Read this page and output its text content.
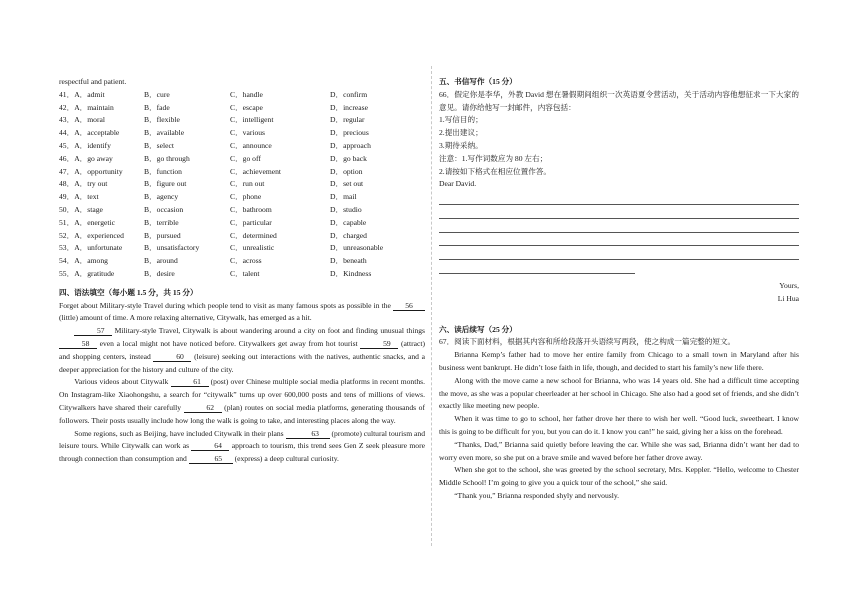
respectful and patient.
41．A．admit	B．cure	C．handle	D．confirm
42．A．maintain	B．fade	C．escape	D．increase
43．A．moral	B．flexible	C．intelligent	D．regular
44．A．acceptable	B．available	C．various	D．precious
45．A．identify	B．select	C．announce	D．approach
46．A．go away	B．go through	C．go off	D．go back
47．A．opportunity	B．function	C．achievement	D．option
48．A．try out	B．figure out	C．run out	D．set out
49．A．text	B．agency	C．phone	D．mail
50．A．stage	B．occasion	C．bathroom	D．studio
51．A．energetic	B．terrible	C．particular	D．capable
52．A．experienced	B．pursued	C．determined	D．charged
53．A．unfortunate	B．unsatisfactory	C．unrealistic	D．unreasonable
54．A．among	B．around	C．across	D．beneath
55．A．gratitude	B．desire	C．talent	D．Kindness
四、语法填空（每小题 1.5 分，共 15 分）
Forget about Military-style Travel during which people tend to visit as many famous spots as possible in the 56 (little) amount of time. A more relaxing alternative, Citywalk, has emerged as a hit.
57 Military-style Travel, Citywalk is about wandering around a city on foot and finding unusual things 58 even a local might not have noticed before. Citywalkers get away from hot tourist	59 (attract) and shopping centers, instead	60 (leisure) seeking out interactions with the natives, authentic snacks, and a deeper appreciation for the history and culture of the city.
Various videos about Citywalk	61 (post) over Chinese multiple social media platforms in recent months. On Instagram-like Xiaohongshu, a search for “citywalk” turns up over 600,000 posts and tens of millions of views. Citywalkers have shared their carefully	62 (plan) routes on social media platforms, generating thousands of followers. Their posts usually include how long the walk is going to take, and interesting places along the way.
Some regions, such as Beijing, have included Citywalk in their plans	63 (promote) cultural tourism and leisure tours. While Citywalk can work as	64 approach to tourism, this trend sees Gen Z seek pleasure more through connection than consumption and	65 (express) a deep cultural curiosity.
五、书信写作（15 分）
66．假定你是李华，外教 David 想在暑假期间组织一次英语夏令营活动，关于活动内容他想征求一下大家的意见。请你给他写一封邮件，内容包括：
1.写信目的；
2.提出建议；
3.期待采纳。
注意：1.写作词数应为 80 左右；
2.请按如下格式在相应位置作答。
Dear David.
Yours,
Li Hua
六、读后续写（25 分）
67．阅读下面材料，根据其内容和所给段落开头语续写两段，使之构成一篇完整的短文。
Brianna Kemp’s father had to move her entire family from Chicago to a small town in Maryland after his business went bankrupt. He didn’t lose faith in life, though, and decided to start his family’s new life there.
Along with the move came a new school for Brianna, who was 14 years old. She had a difficult time accepting the move, as she was a popular cheerleader at her school in Chicago. She also had a good set of friends, and she didn’t exactly like meeting new people.
When it was time to go to school, her father drove her there to wish her well. “Good luck, sweetheart. I know this is going to be difficult for you, but you can do it. I know you can!” he said, giving her a kiss on the forehead.
“Thanks, Dad,” Brianna said quietly before leaving the car. While she was sad, Brianna didn’t want her dad to worry even more, so she put on a brave smile and waved before her father drove away.
When she got to the school, she was greeted by the school secretary, Mrs. Keppler. “Hello, welcome to Chester Middle School! I’m going to give you a quick tour of the school,” she said.
“Thank you,” Brianna responded shyly and nervously.
